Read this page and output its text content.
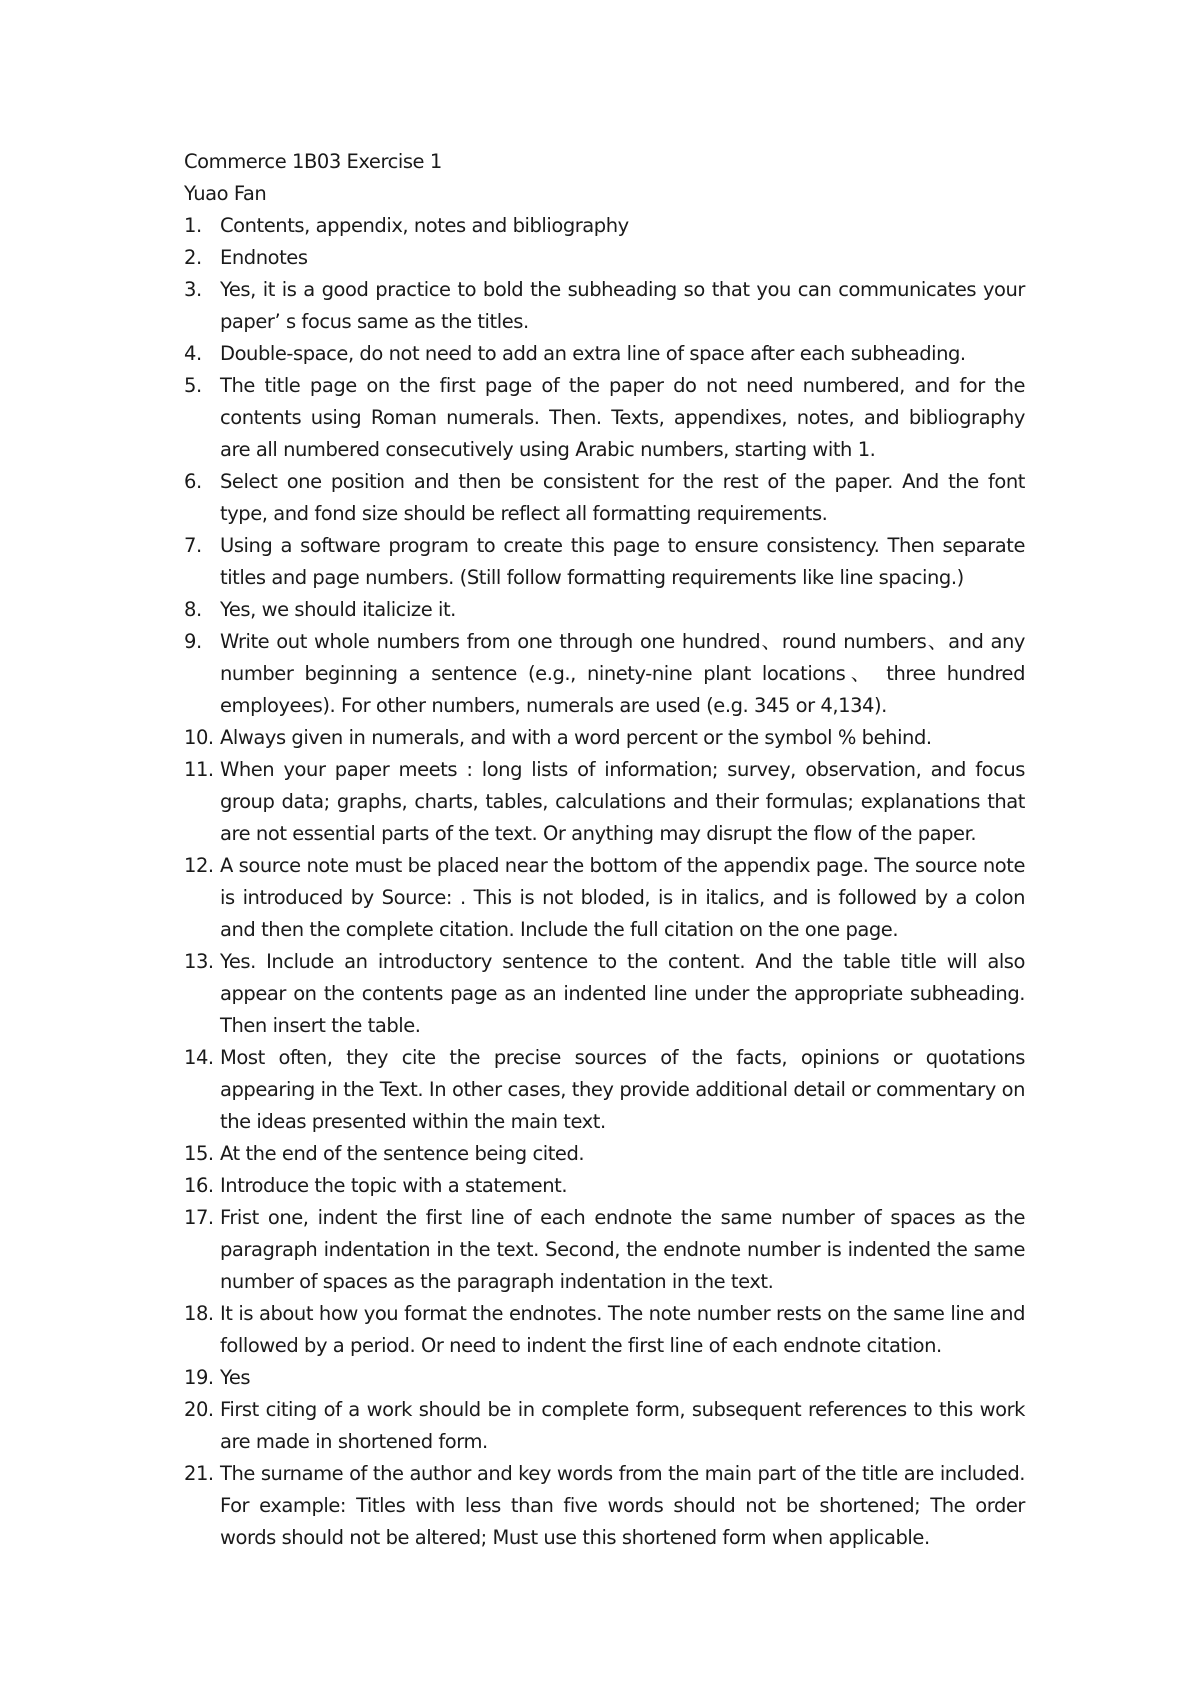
Commerce 1B03 Exercise 1

Yuao Fan

1. Contents, appendix, notes and bibliography
2. Endnotes
3. Yes, it is a good practice to bold the subheading so that you can communicates your paper’ s focus same as the titles.
4. Double-space, do not need to add an extra line of space after each subheading.
5. The title page on the first page of the paper do not need numbered, and for the contents using Roman numerals. Then. Texts, appendixes, notes, and bibliography are all numbered consecutively using Arabic numbers, starting with 1.
6. Select one position and then be consistent for the rest of the paper. And the font type, and fond size should be reflect all formatting requirements.
7. Using a software program to create this page to ensure consistency. Then separate titles and page numbers. (Still follow formatting requirements like line spacing.)
8. Yes, we should italicize it.
9. Write out whole numbers from one through one hundred、round numbers、and any number beginning a sentence (e.g., ninety-nine plant locations、 three hundred employees). For other numbers, numerals are used (e.g. 345 or 4,134).
10. Always given in numerals, and with a word percent or the symbol % behind.
11. When your paper meets : long lists of information; survey, observation, and focus group data; graphs, charts, tables, calculations and their formulas; explanations that are not essential parts of the text. Or anything may disrupt the flow of the paper.
12. A source note must be placed near the bottom of the appendix page. The source note is introduced by Source: . This is not bloded, is in italics, and is followed by a colon and then the complete citation. Include the full citation on the one page.
13. Yes. Include an introductory sentence to the content. And the table title will also appear on the contents page as an indented line under the appropriate subheading. Then insert the table.
14. Most often, they cite the precise sources of the facts, opinions or quotations appearing in the Text. In other cases, they provide additional detail or commentary on the ideas presented within the main text.
15. At the end of the sentence being cited.
16. Introduce the topic with a statement.
17. Frist one, indent the first line of each endnote the same number of spaces as the paragraph indentation in the text. Second, the endnote number is indented the same number of spaces as the paragraph indentation in the text.
18. It is about how you format the endnotes. The note number rests on the same line and followed by a period. Or need to indent the first line of each endnote citation.
19. Yes
20. First citing of a work should be in complete form, subsequent references to this work are made in shortened form.
21. The surname of the author and key words from the main part of the title are included. For example: Titles with less than five words should not be shortened; The order words should not be altered; Must use this shortened form when applicable.
